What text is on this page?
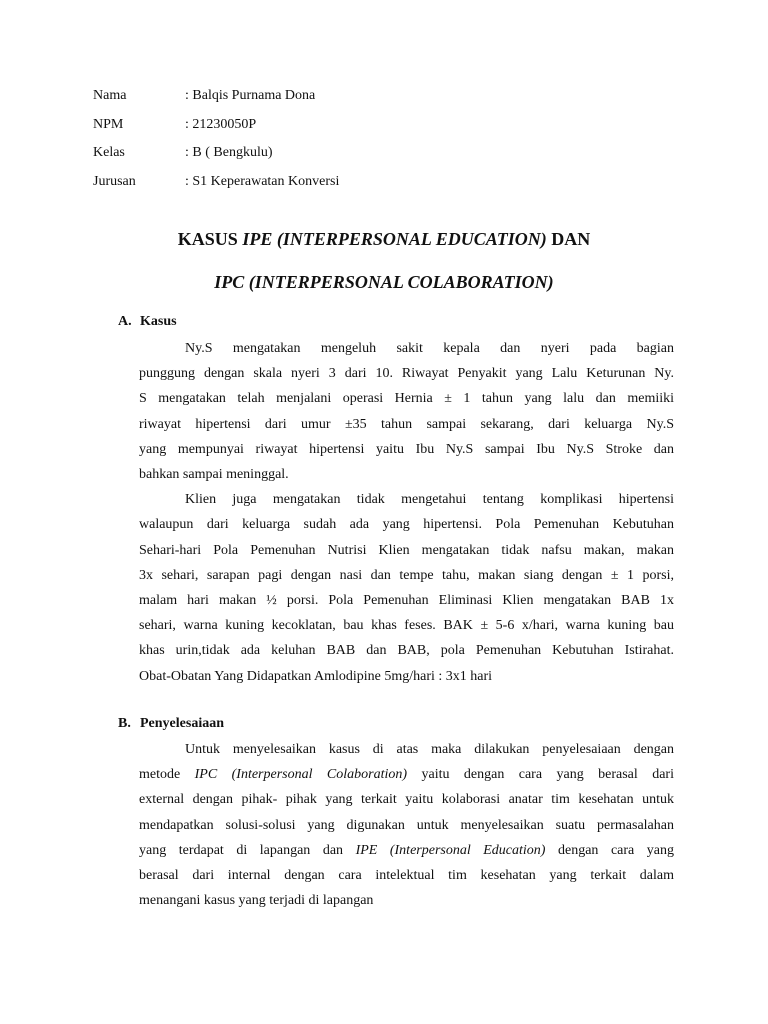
Nama	: Balqis Purnama Dona
NPM	: 21230050P
Kelas	: B ( Bengkulu)
Jurusan	: S1 Keperawatan Konversi
KASUS IPE (INTERPERSONAL EDUCATION) DAN
IPC (INTERPERSONAL COLABORATION)
A. Kasus

Ny.S mengatakan mengeluh sakit kepala dan nyeri pada bagian
punggung dengan skala nyeri 3 dari 10. Riwayat Penyakit yang Lalu Keturunan Ny.
S mengatakan telah menjalani operasi Hernia ± 1 tahun yang lalu dan memiiki
riwayat hipertensi dari umur ±35 tahun sampai sekarang, dari keluarga Ny.S
yang mempunyai riwayat hipertensi yaitu Ibu Ny.S sampai Ibu Ny.S Stroke dan
bahkan sampai meninggal.

Klien juga mengatakan tidak mengetahui tentang komplikasi hipertensi
walaupun dari keluarga sudah ada yang hipertensi. Pola Pemenuhan Kebutuhan
Sehari-hari Pola Pemenuhan Nutrisi Klien mengatakan tidak nafsu makan, makan
3x sehari, sarapan pagi dengan nasi dan tempe tahu, makan siang dengan ± 1 porsi,
malam hari makan ½ porsi. Pola Pemenuhan Eliminasi Klien mengatakan BAB 1x
sehari, warna kuning kecoklatan, bau khas feses. BAK ± 5-6 x/hari, warna kuning bau
khas urin,tidak ada keluhan BAB dan BAB, pola Pemenuhan Kebutuhan Istirahat.
Obat-Obatan Yang Didapatkan Amlodipine 5mg/hari : 3x1 hari

B. Penyelesaiaan

Untuk menyelesaikan kasus di atas maka dilakukan penyelesaiaan dengan
metode IPC (Interpersonal Colaboration) yaitu dengan cara yang berasal dari
external dengan pihak- pihak yang terkait yaitu kolaborasi anatar tim kesehatan untuk
mendapatkan solusi-solusi yang digunakan untuk menyelesaikan suatu permasalahan
yang terdapat di lapangan dan IPE (Interpersonal Education) dengan cara yang
berasal dari internal dengan cara intelektual tim kesehatan yang terkait dalam
menangani kasus yang terjadi di lapangan
